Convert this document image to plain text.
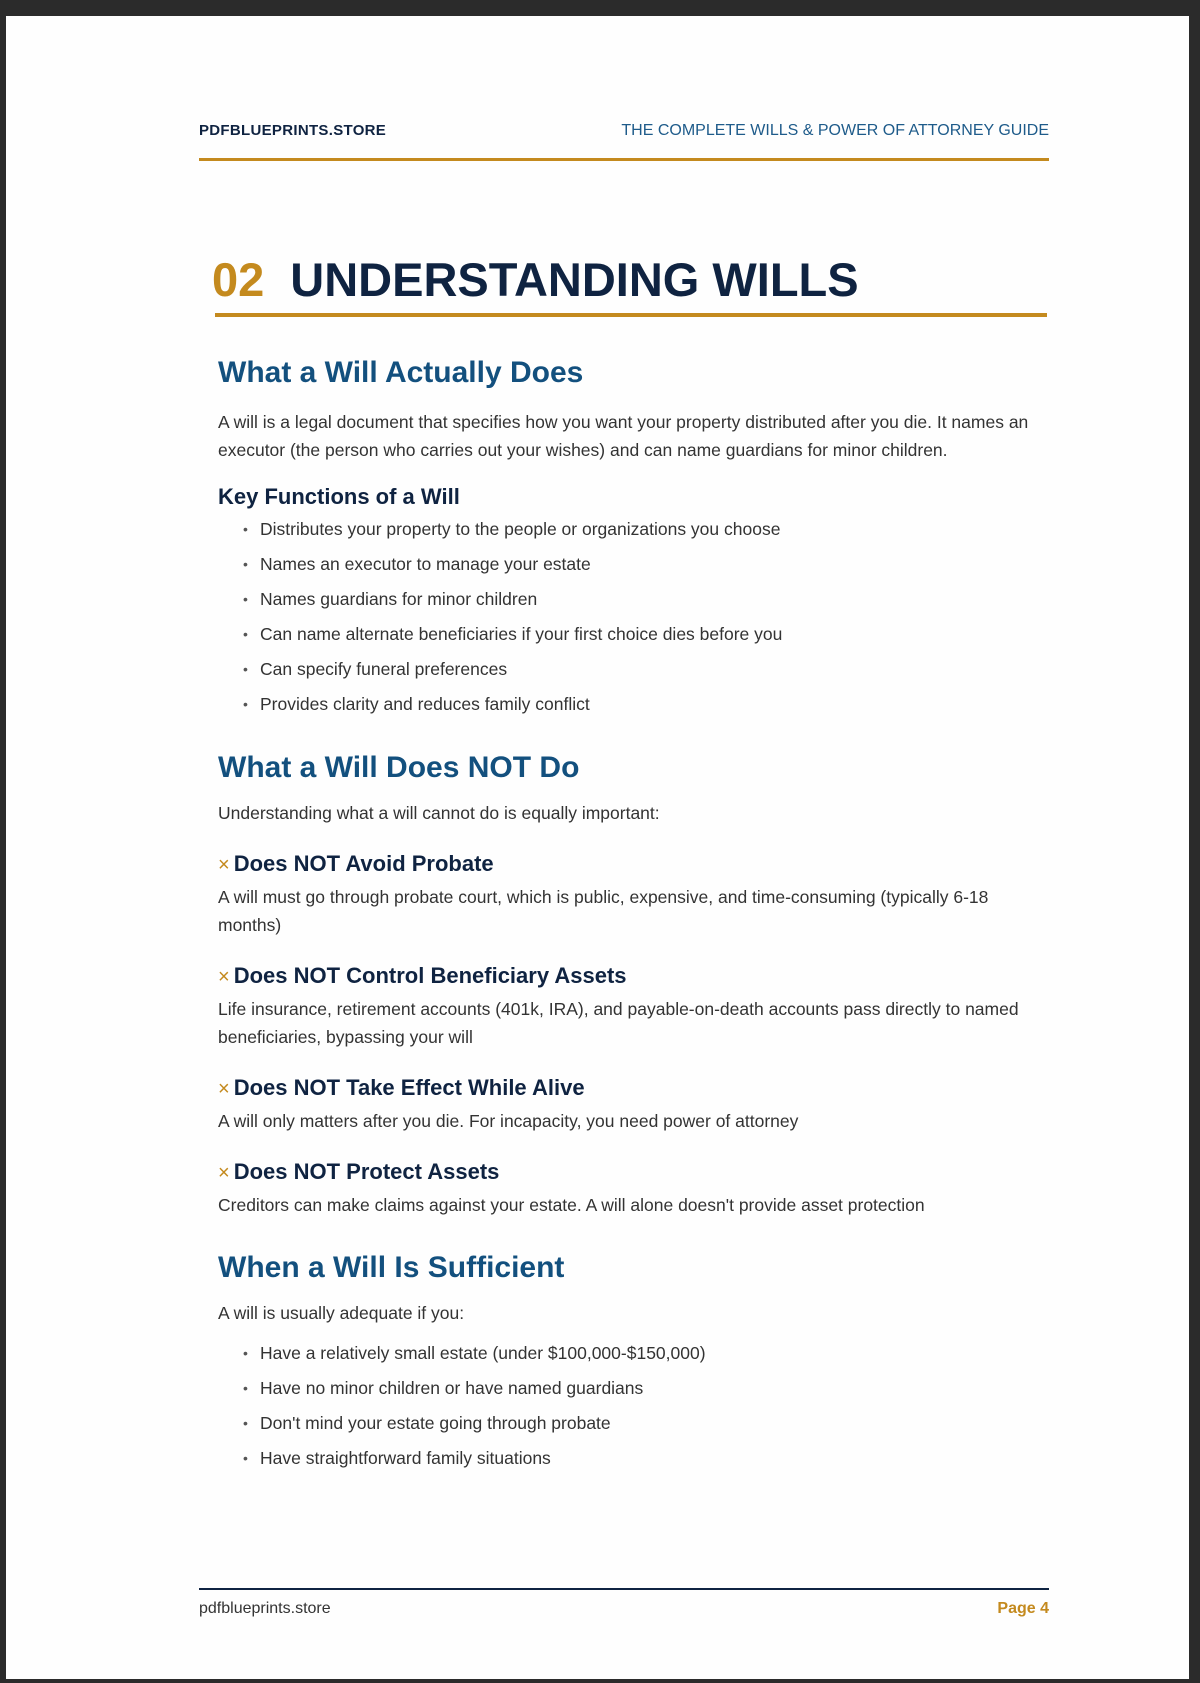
PDFBLUEPRINTS.STORE	THE COMPLETE WILLS & POWER OF ATTORNEY GUIDE
02 UNDERSTANDING WILLS
What a Will Actually Does

A will is a legal document that specifies how you want your property distributed after you die. It names an executor (the person who carries out your wishes) and can name guardians for minor children.

Key Functions of a Will
• Distributes your property to the people or organizations you choose
• Names an executor to manage your estate
• Names guardians for minor children
• Can name alternate beneficiaries if your first choice dies before you
• Can specify funeral preferences
• Provides clarity and reduces family conflict
What a Will Does NOT Do

Understanding what a will cannot do is equally important:

× Does NOT Avoid Probate

A will must go through probate court, which is public, expensive, and time-consuming (typically 6-18 months)

× Does NOT Control Beneficiary Assets

Life insurance, retirement accounts (401k, IRA), and payable-on-death accounts pass directly to named beneficiaries, bypassing your will

× Does NOT Take Effect While Alive

A will only matters after you die. For incapacity, you need power of attorney

× Does NOT Protect Assets

Creditors can make claims against your estate. A will alone doesn't provide asset protection

When a Will Is Sufficient

A will is usually adequate if you:

• Have a relatively small estate (under $100,000-$150,000)
• Have no minor children or have named guardians
• Don't mind your estate going through probate
• Have straightforward family situations
pdfblueprints.store	Page 4
